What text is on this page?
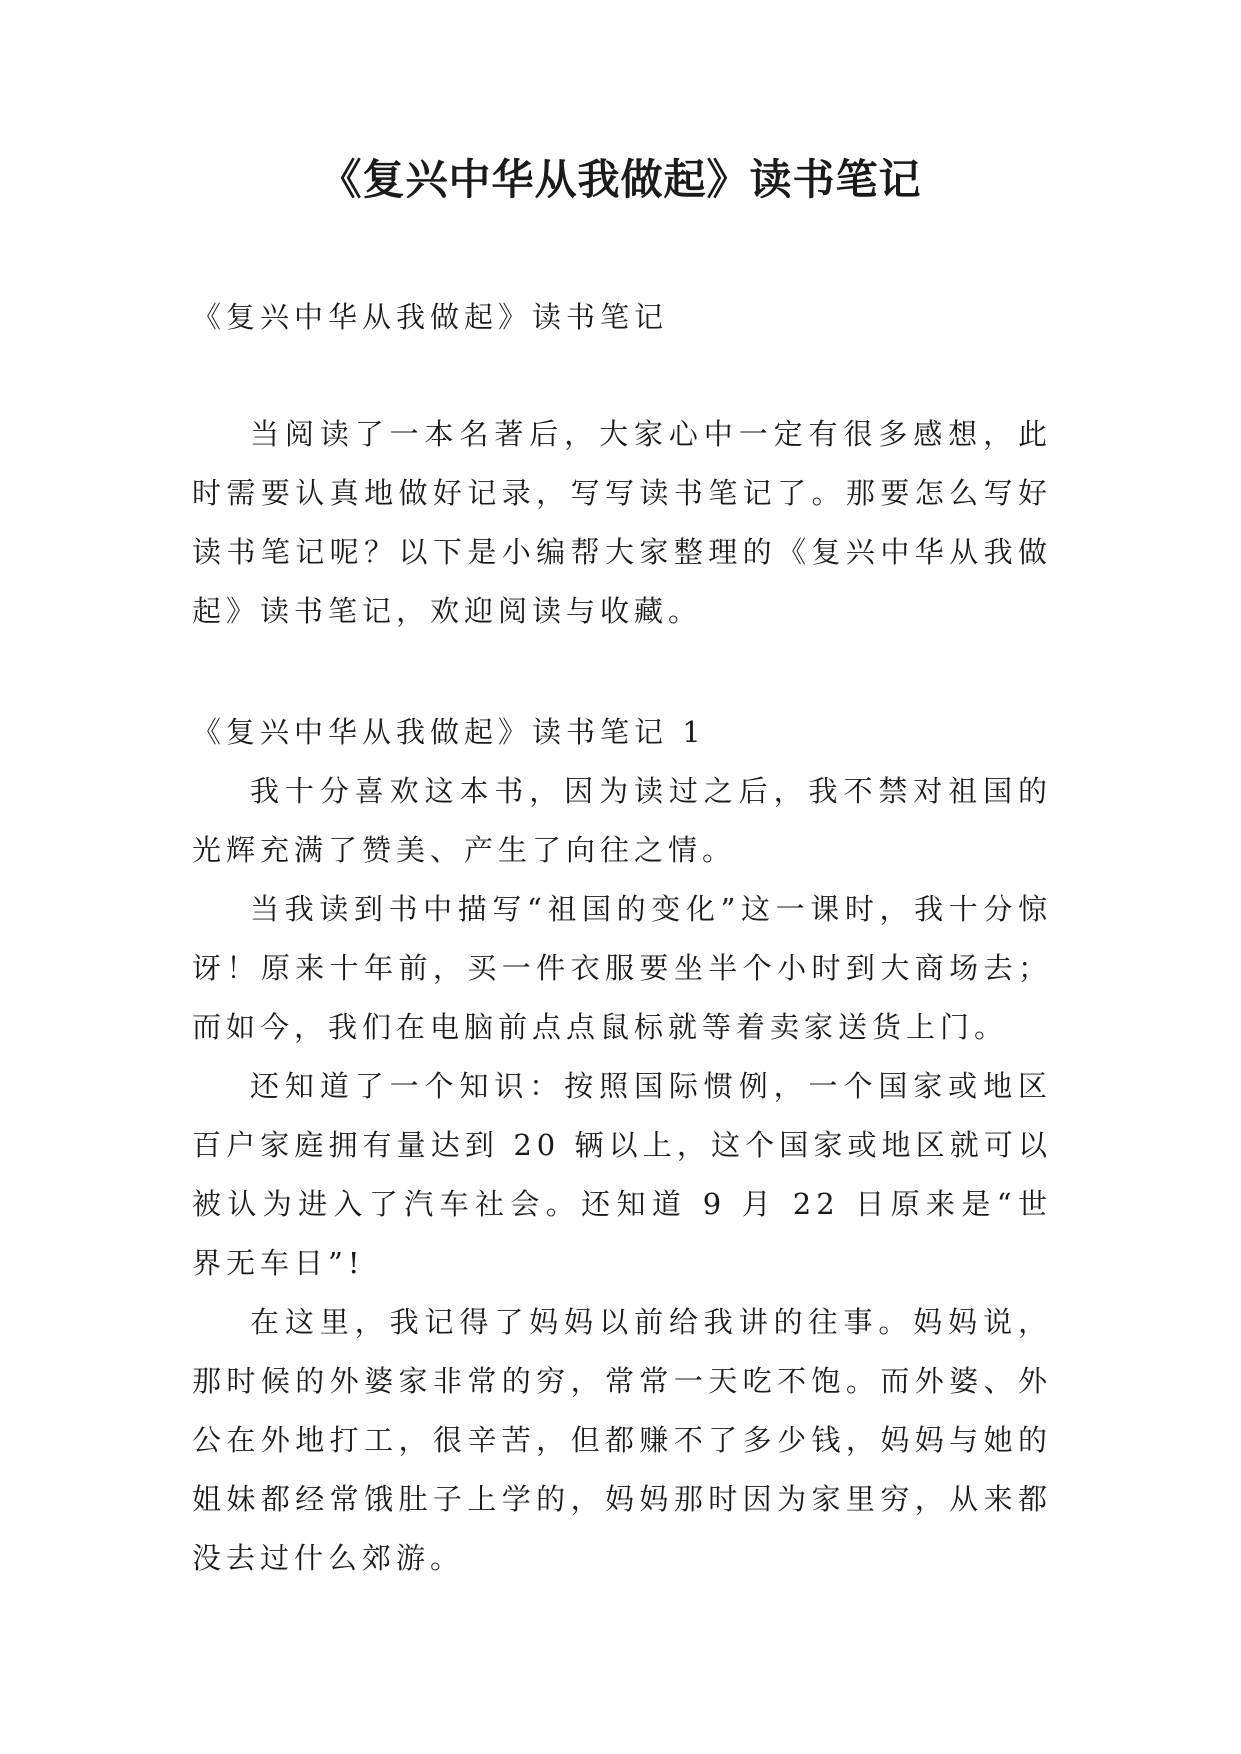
《复兴中华从我做起》读书笔记

《复兴中华从我做起》读书笔记

当阅读了一本名著后，大家心中一定有很多感想，此时需要认真地做好记录，写写读书笔记了。那要怎么写好读书笔记呢？以下是小编帮大家整理的《复兴中华从我做起》读书笔记，欢迎阅读与收藏。

《复兴中华从我做起》读书笔记 1

我十分喜欢这本书，因为读过之后，我不禁对祖国的光辉充满了赞美、产生了向往之情。

当我读到书中描写“祖国的变化”这一课时，我十分惊讶！原来十年前，买一件衣服要坐半个小时到大商场去；而如今，我们在电脑前点点鼠标就等着卖家送货上门。

还知道了一个知识：按照国际惯例，一个国家或地区百户家庭拥有量达到 20 辆以上，这个国家或地区就可以被认为进入了汽车社会。还知道 9 月 22 日原来是“世界无车日”!

在这里，我记得了妈妈以前给我讲的往事。妈妈说，那时候的外婆家非常的穷，常常一天吃不饱。而外婆、外公在外地打工，很辛苦，但都赚不了多少钱，妈妈与她的姐妹都经常饿肚子上学的，妈妈那时因为家里穷，从来都没去过什么郊游。
